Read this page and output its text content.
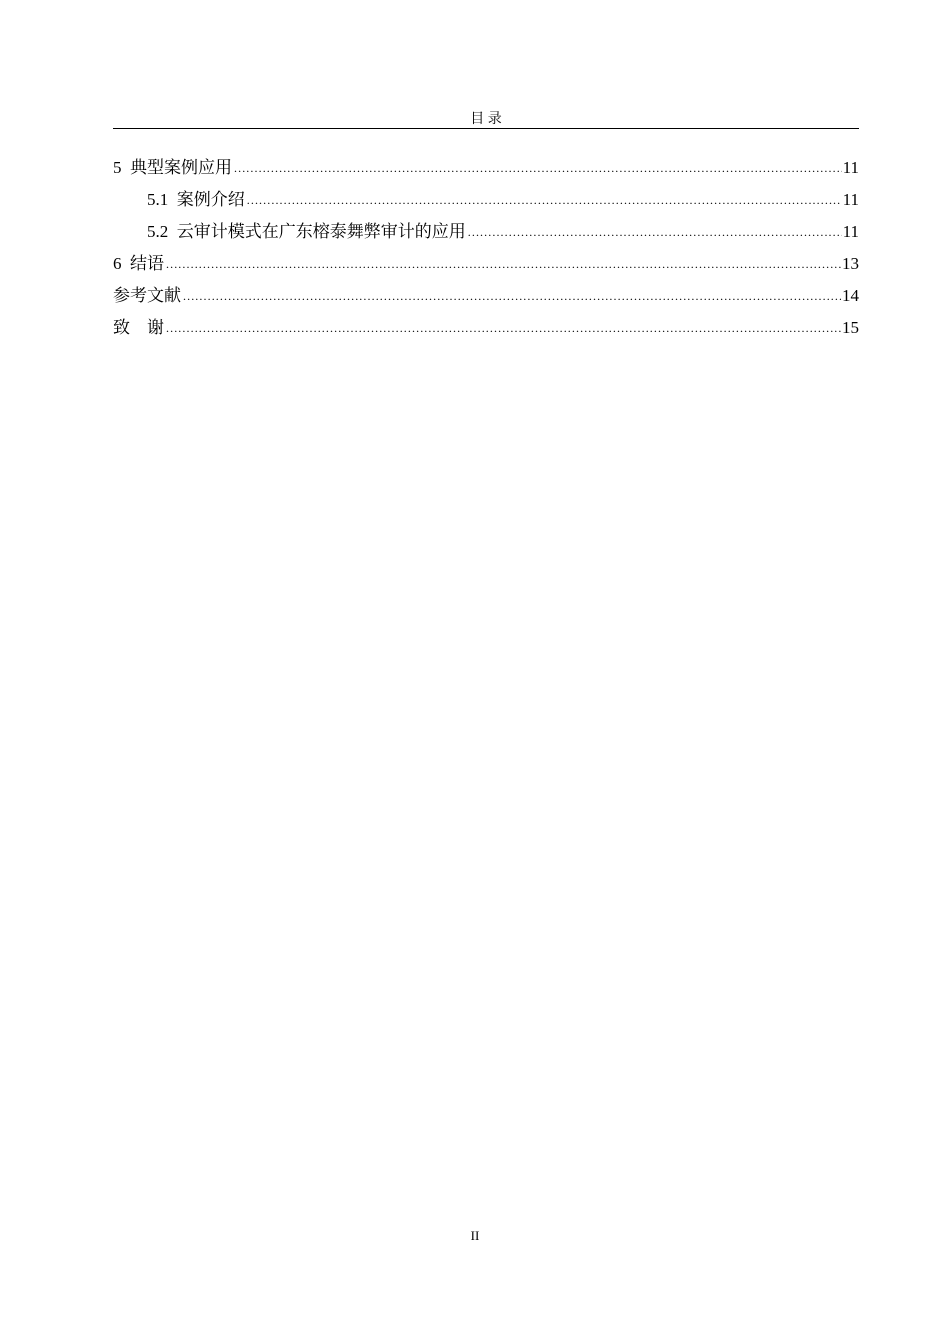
目 录
5 典型案例应用 .....	11
5.1 案例介绍 .....	11
5.2 云审计模式在广东榕泰舞弊审计的应用 .....	11
6 结语 .....	13
参考文献 .....	14
致    谢 .....	15
II
